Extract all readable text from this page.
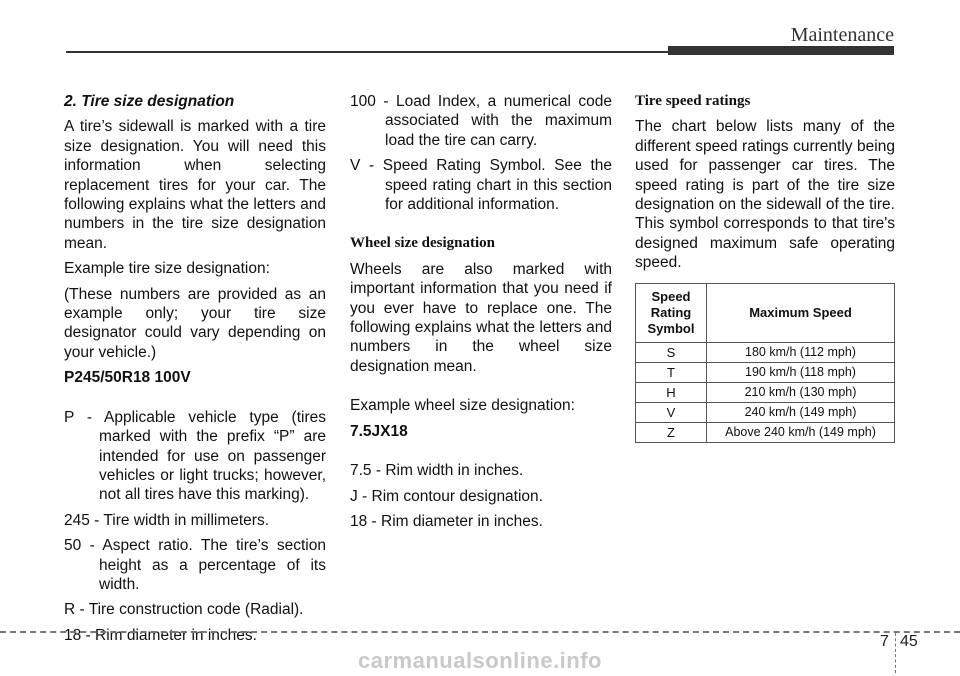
Maintenance
2. Tire size designation

A tire’s sidewall is marked with a tire size designation. You will need this information when selecting replacement tires for your car. The following explains what the letters and numbers in the tire size designation mean.

Example tire size designation:

(These numbers are provided as an example only; your tire size designator could vary depending on your vehicle.)

P245/50R18 100V

P - Applicable vehicle type (tires marked with the prefix “P” are intended for use on passenger vehicles or light trucks; however, not all tires have this marking).

245 - Tire width in millimeters.

50 - Aspect ratio. The tire’s section height as a percentage of its width.

R - Tire construction code (Radial).

18 - Rim diameter in inches.

100 - Load Index, a numerical code associated with the maximum load the tire can carry.

V - Speed Rating Symbol. See the speed rating chart in this section for additional information.

Wheel size designation

Wheels are also marked with important information that you need if you ever have to replace one. The following explains what the letters and numbers in the wheel size designation mean.

Example wheel size designation:

7.5JX18

7.5 - Rim width in inches.

J - Rim contour designation.

18 - Rim diameter in inches.

Tire speed ratings

The chart below lists many of the different speed ratings currently being used for passenger car tires. The speed rating is part of the tire size designation on the sidewall of the tire. This symbol corresponds to that tire's designed maximum safe operating speed.

Speed
Rating
Symbol	Maximum Speed
S	180 km/h (112 mph)
T	190 km/h (118 mph)
H	210 km/h (130 mph)
V	240 km/h (149 mph)
Z	Above 240 km/h (149 mph)
7 45
carmanualsonline.info
